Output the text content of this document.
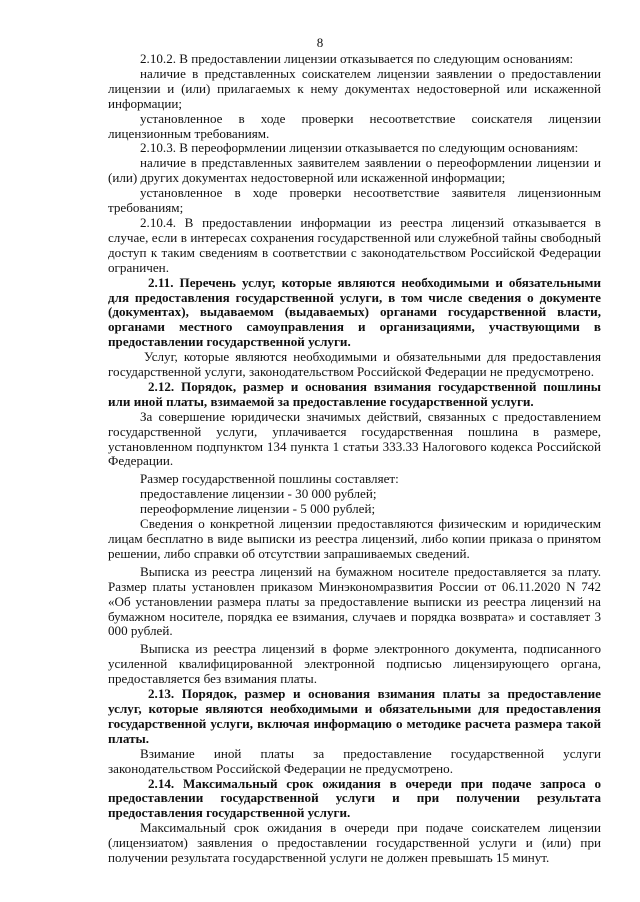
8

2.10.2. В предоставлении лицензии отказывается по следующим основаниям:

наличие в представленных соискателем лицензии заявлении о предоставлении лицензии и (или) прилагаемых к нему документах недостоверной или искаженной информации;

установленное в ходе проверки несоответствие соискателя лицензии лицензионным требованиям.

2.10.3. В переоформлении лицензии отказывается по следующим основаниям:

наличие в представленных заявителем заявлении о переоформлении лицензии и (или) других документах недостоверной или искаженной информации;

установленное в ходе проверки несоответствие заявителя лицензионным требованиям;

2.10.4. В предоставлении информации из реестра лицензий отказывается в случае, если в интересах сохранения государственной или служебной тайны свободный доступ к таким сведениям в соответствии с законодательством Российской Федерации ограничен.

2.11. Перечень услуг, которые являются необходимыми и обязательными для предоставления государственной услуги, в том числе сведения о документе (документах), выдаваемом (выдаваемых) органами государственной власти, органами местного самоуправления и организациями, участвующими в предоставлении государственной услуги.

Услуг, которые являются необходимыми и обязательными для предоставления государственной услуги, законодательством Российской Федерации не предусмотрено.

2.12. Порядок, размер и основания взимания государственной пошлины или иной платы, взимаемой за предоставление государственной услуги.

За совершение юридически значимых действий, связанных с предоставлением государственной услуги, уплачивается государственная пошлина в размере, установленном подпунктом 134 пункта 1 статьи 333.33 Налогового кодекса Российской Федерации.

Размер государственной пошлины составляет:

предоставление лицензии - 30 000 рублей;

переоформление лицензии - 5 000 рублей;

Сведения о конкретной лицензии предоставляются физическим и юридическим лицам бесплатно в виде выписки из реестра лицензий, либо копии приказа о принятом решении, либо справки об отсутствии запрашиваемых сведений.

Выписка из реестра лицензий на бумажном носителе предоставляется за плату. Размер платы установлен приказом Минэкономразвития России от 06.11.2020 N 742 «Об установлении размера платы за предоставление выписки из реестра лицензий на бумажном носителе, порядка ее взимания, случаев и порядка возврата» и составляет 3 000 рублей.

Выписка из реестра лицензий в форме электронного документа, подписанного усиленной квалифицированной электронной подписью лицензирующего органа, предоставляется без взимания платы.

2.13. Порядок, размер и основания взимания платы за предоставление услуг, которые являются необходимыми и обязательными для предоставления государственной услуги, включая информацию о методике расчета размера такой платы.

Взимание иной платы за предоставление государственной услуги законодательством Российской Федерации не предусмотрено.

2.14. Максимальный срок ожидания в очереди при подаче запроса о предоставлении государственной услуги и при получении результата предоставления государственной услуги.

Максимальный срок ожидания в очереди при подаче соискателем лицензии (лицензиатом) заявления о предоставлении государственной услуги и (или) при получении результата государственной услуги не должен превышать 15 минут.
